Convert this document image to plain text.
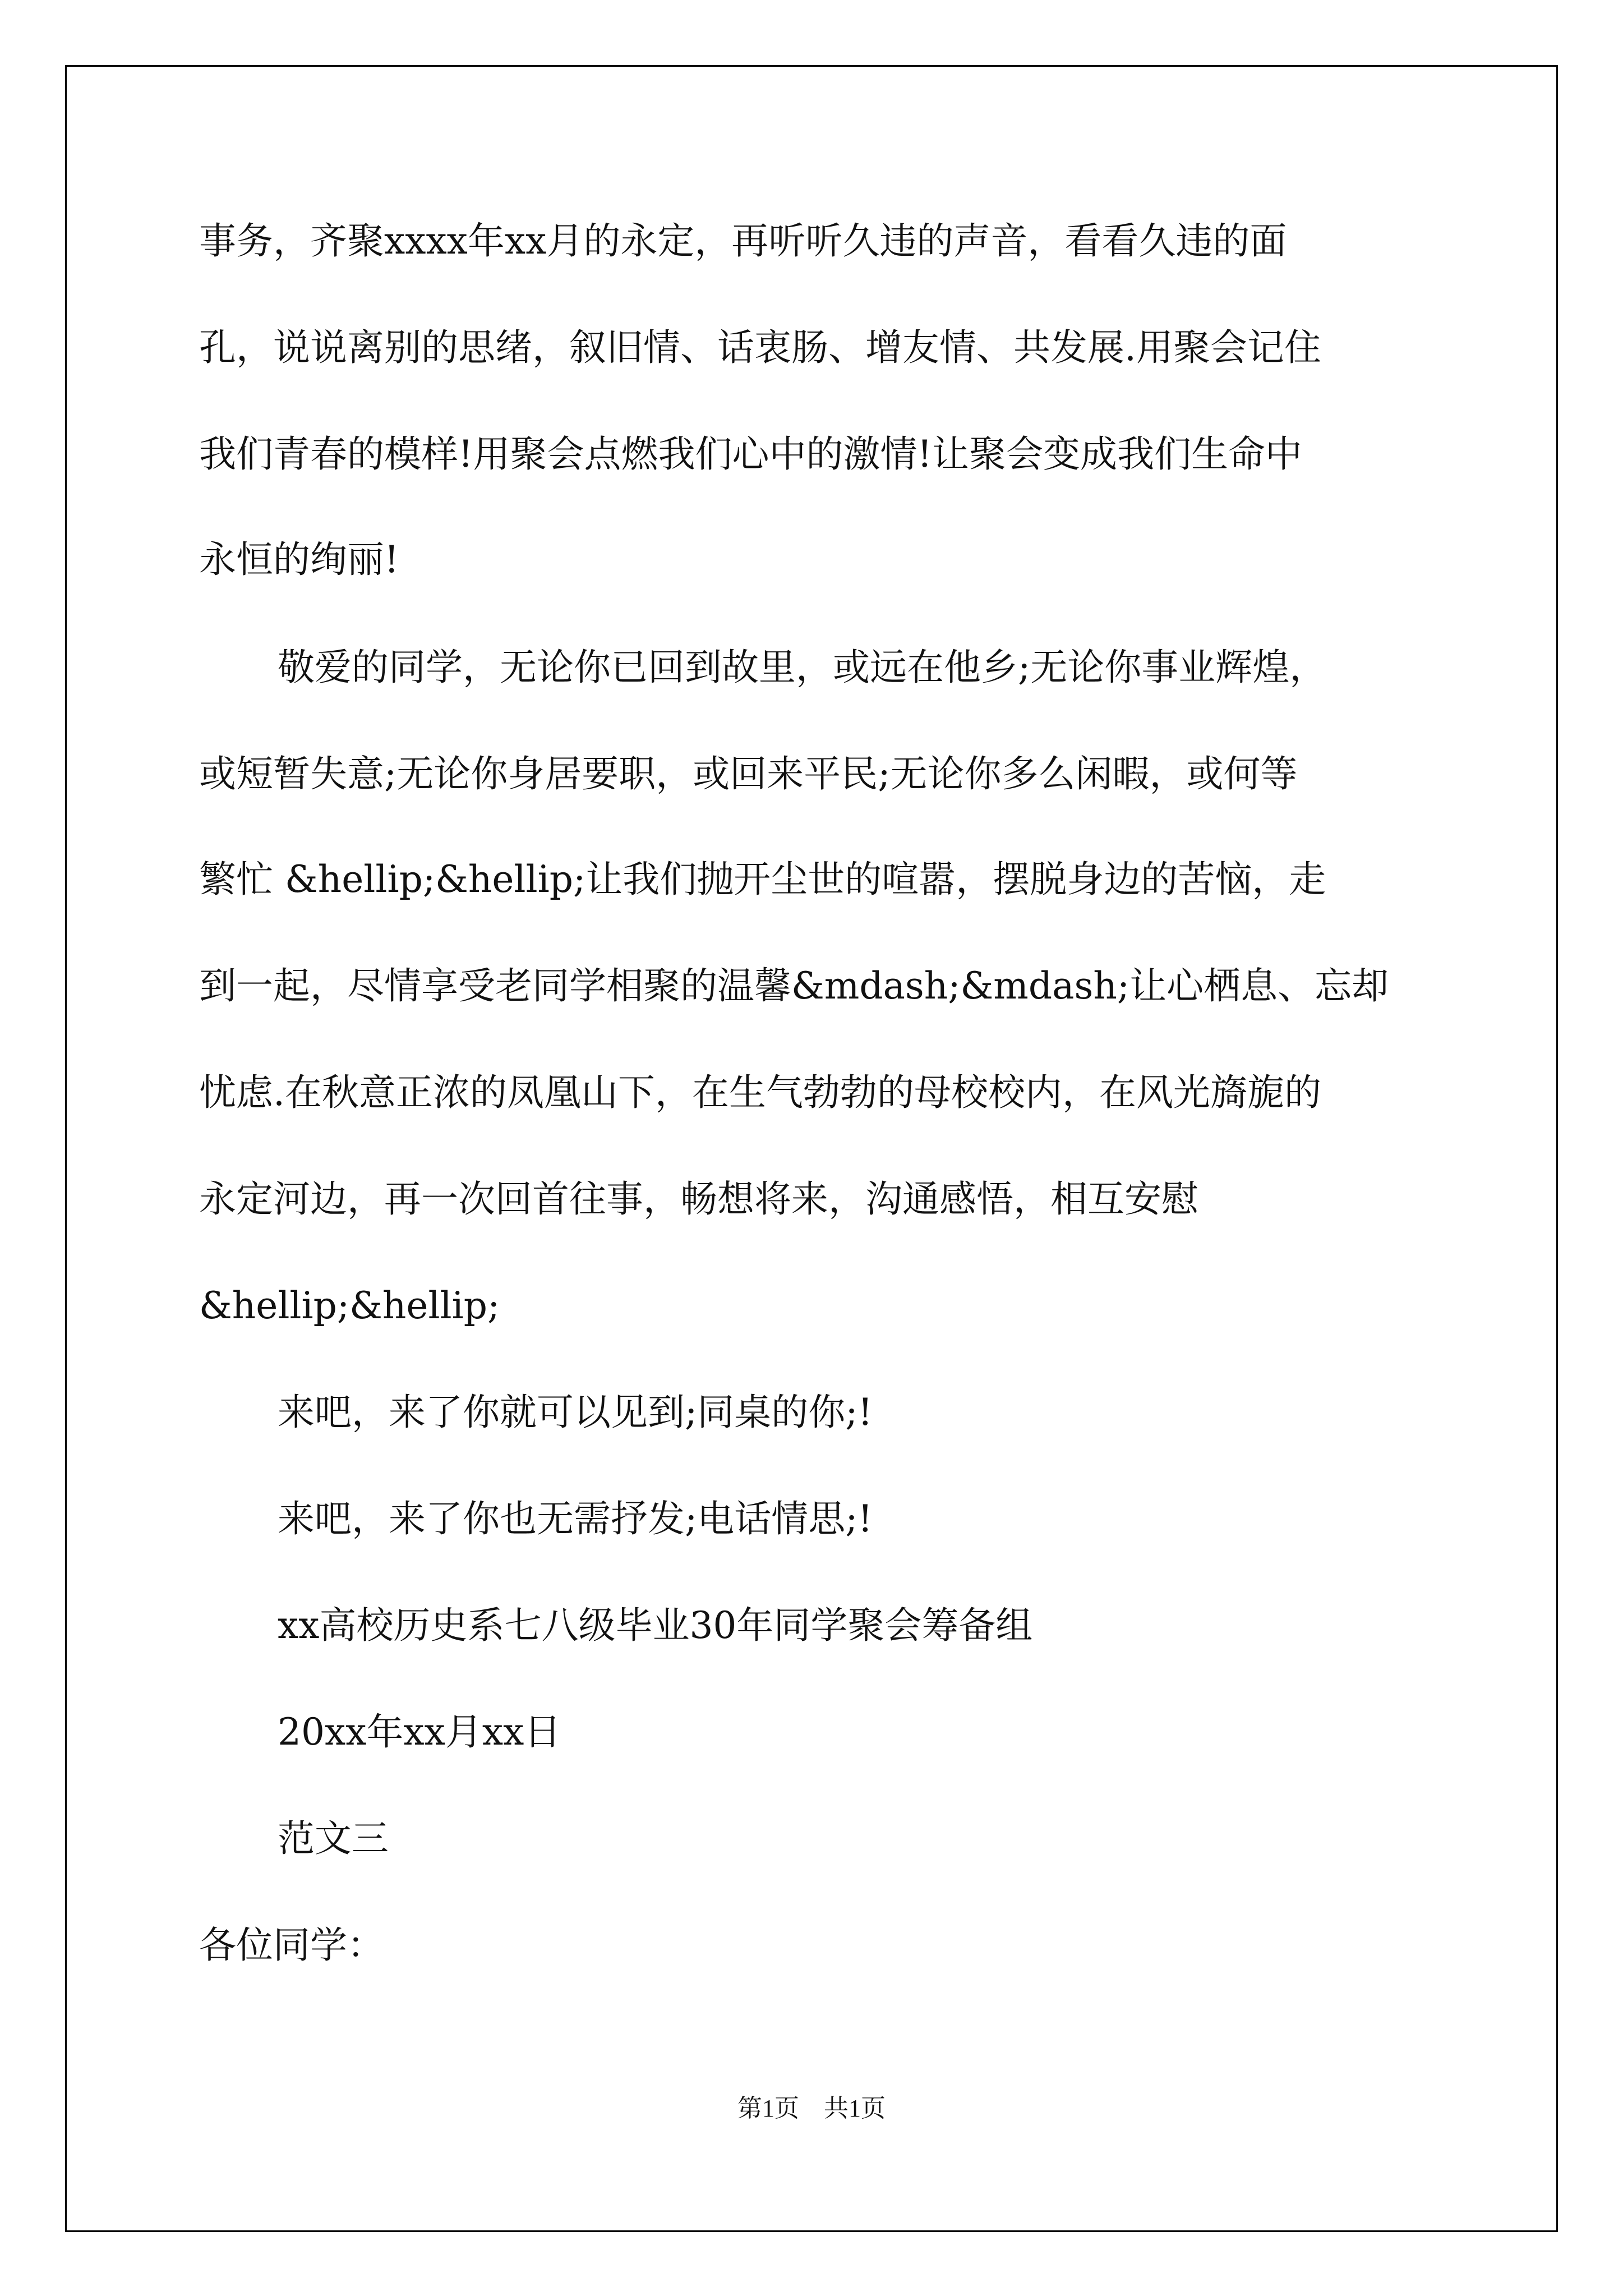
事务，齐聚xxxx年xx月的永定，再听听久违的声音，看看久违的面
孔，说说离别的思绪，叙旧情、话衷肠、增友情、共发展.用聚会记住
我们青春的模样!用聚会点燃我们心中的激情!让聚会变成我们生命中
永恒的绚丽!
敬爱的同学，无论你已回到故里，或远在他乡;无论你事业辉煌，
或短暂失意;无论你身居要职，或回来平民;无论你多么闲暇，或何等
繁忙 &hellip;&hellip;让我们抛开尘世的喧嚣，摆脱身边的苦恼，走
到一起，尽情享受老同学相聚的温馨&mdash;&mdash;让心栖息、忘却
忧虑.在秋意正浓的凤凰山下，在生气勃勃的母校校内，在风光旖旎的
永定河边，再一次回首往事，畅想将来，沟通感悟，相互安慰
&hellip;&hellip;
来吧，来了你就可以见到;同桌的你;!
来吧，来了你也无需抒发;电话情思;!
xx高校历史系七八级毕业30年同学聚会筹备组
20xx年xx月xx日
范文三
各位同学：
第1页　共1页
